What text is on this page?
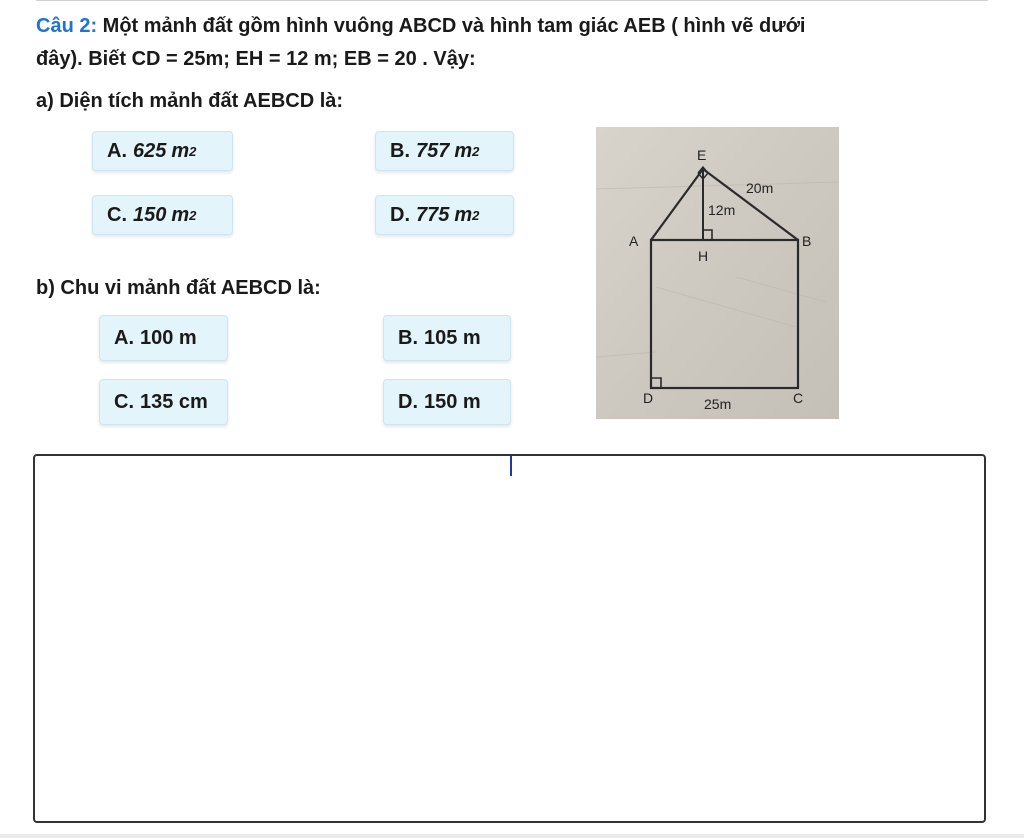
Câu 2: Một mảnh đất gồm hình vuông ABCD và hình tam giác AEB ( hình vẽ dưới
đây). Biết CD = 25m; EH = 12 m; EB = 20 . Vậy:
a) Diện tích mảnh đất AEBCD là:
A. 625 m 2	B. 757 m 2
C. 150 m 2	D. 775 m 2
b) Chu vi mảnh đất AEBCD là:
A. 100 m	B. 105 m
C. 135 cm	D. 150 m
E
A	B
H
D	C
20m
12m
25m
